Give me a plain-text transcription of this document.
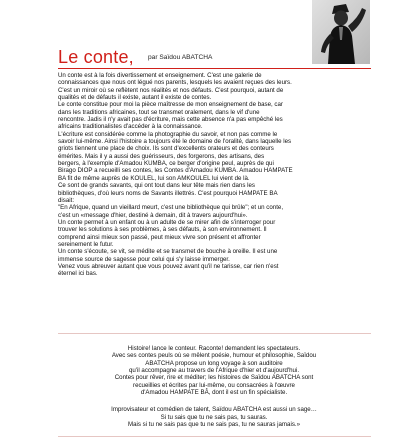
Le conte, par Saïdou ABATCHA

Un conte est à la fois divertissement et enseignement. C'est une galerie de

connaissances que nous ont légué nos parents, lesquels les avaient reçues des leurs.

C'est un miroir où se reflètent nos réalités et nos défauts. C'est pourquoi, autant de

qualités et de défauts il existe, autant il existe de contes.

Le conte constitue pour moi la pièce maîtresse de mon enseignement de base, car

dans les traditions africaines, tout se transmet oralement, dans le vif d'une

rencontre. Jadis il n'y avait pas d'écriture, mais cette absence n'a pas empêché les

africains traditionalistes d'accéder à la connaissance.

L'écriture est considérée comme la photographie du savoir, et non pas comme le

savoir lui-même. Ainsi l'histoire a toujours été le domaine de l'oralité, dans laquelle les

griots tiennent une place de choix. Ils sont d'excellents orateurs et des conteurs

émérites. Mais il y a aussi des guérisseurs, des forgerons, des artisans, des

bergers, à l'exemple d'Amadou KUMBA, ce berger d'origine peul, auprès de qui

Birago DIOP a recueilli ses contes, les Contes d'Amadou KUMBA. Amadou HAMPATE

BA fit de même auprès de KOULEL, lui son AMKOULEL lui vient de là.

Ce sont de grands savants, qui ont tout dans leur tête mais rien dans les

bibliothèques, d'où leurs noms de Savants illettrés. C'est pourquoi HAMPATE BA

disait:

"En Afrique, quand un vieillard meurt, c'est une bibliothèque qui brûle"; et un conte,

c'est un «message d'hier, destiné à demain, dit à travers aujourd'hui».

Un conte permet à un enfant ou à un adulte de se mirer afin de s'interroger pour

trouver les solutions à ses problèmes, à ses défauts, à son environnement. Il

comprend ainsi mieux son passé, peut mieux vivre son présent et affronter

sereinement le futur.

Un conte s'écoute, se vit, se médite et se transmet de bouche à oreille. Il est une

immense source de sagesse pour celui qui s'y laisse immerger.

Venez vous abreuver autant que vous pouvez avant qu'il ne tarisse, car rien n'est

éternel ici bas.

Histoire! lance le conteur. Raconte! demandent les spectateurs.

Avec ses contes peuls où se mêlent poésie, humour et philosophie, Saïdou

ABATCHA propose un long voyage à son auditoire

qu'il accompagne au travers de l'Afrique d'hier et d'aujourd'hui.

Contes pour rêver, rire et méditer; les histoires de Saïdou ABATCHA sont

recueillies et écrites par lui-même, ou consacrées à l'œuvre

d'Amadou HAMPATE BÂ, dont il est un fin spécialiste.

Improvisateur et comédien de talent, Saïdou ABATCHA est aussi un sage…

Si tu sais que tu ne sais pas, tu sauras.

Mais si tu ne sais pas que tu ne sais pas, tu ne sauras jamais.»
